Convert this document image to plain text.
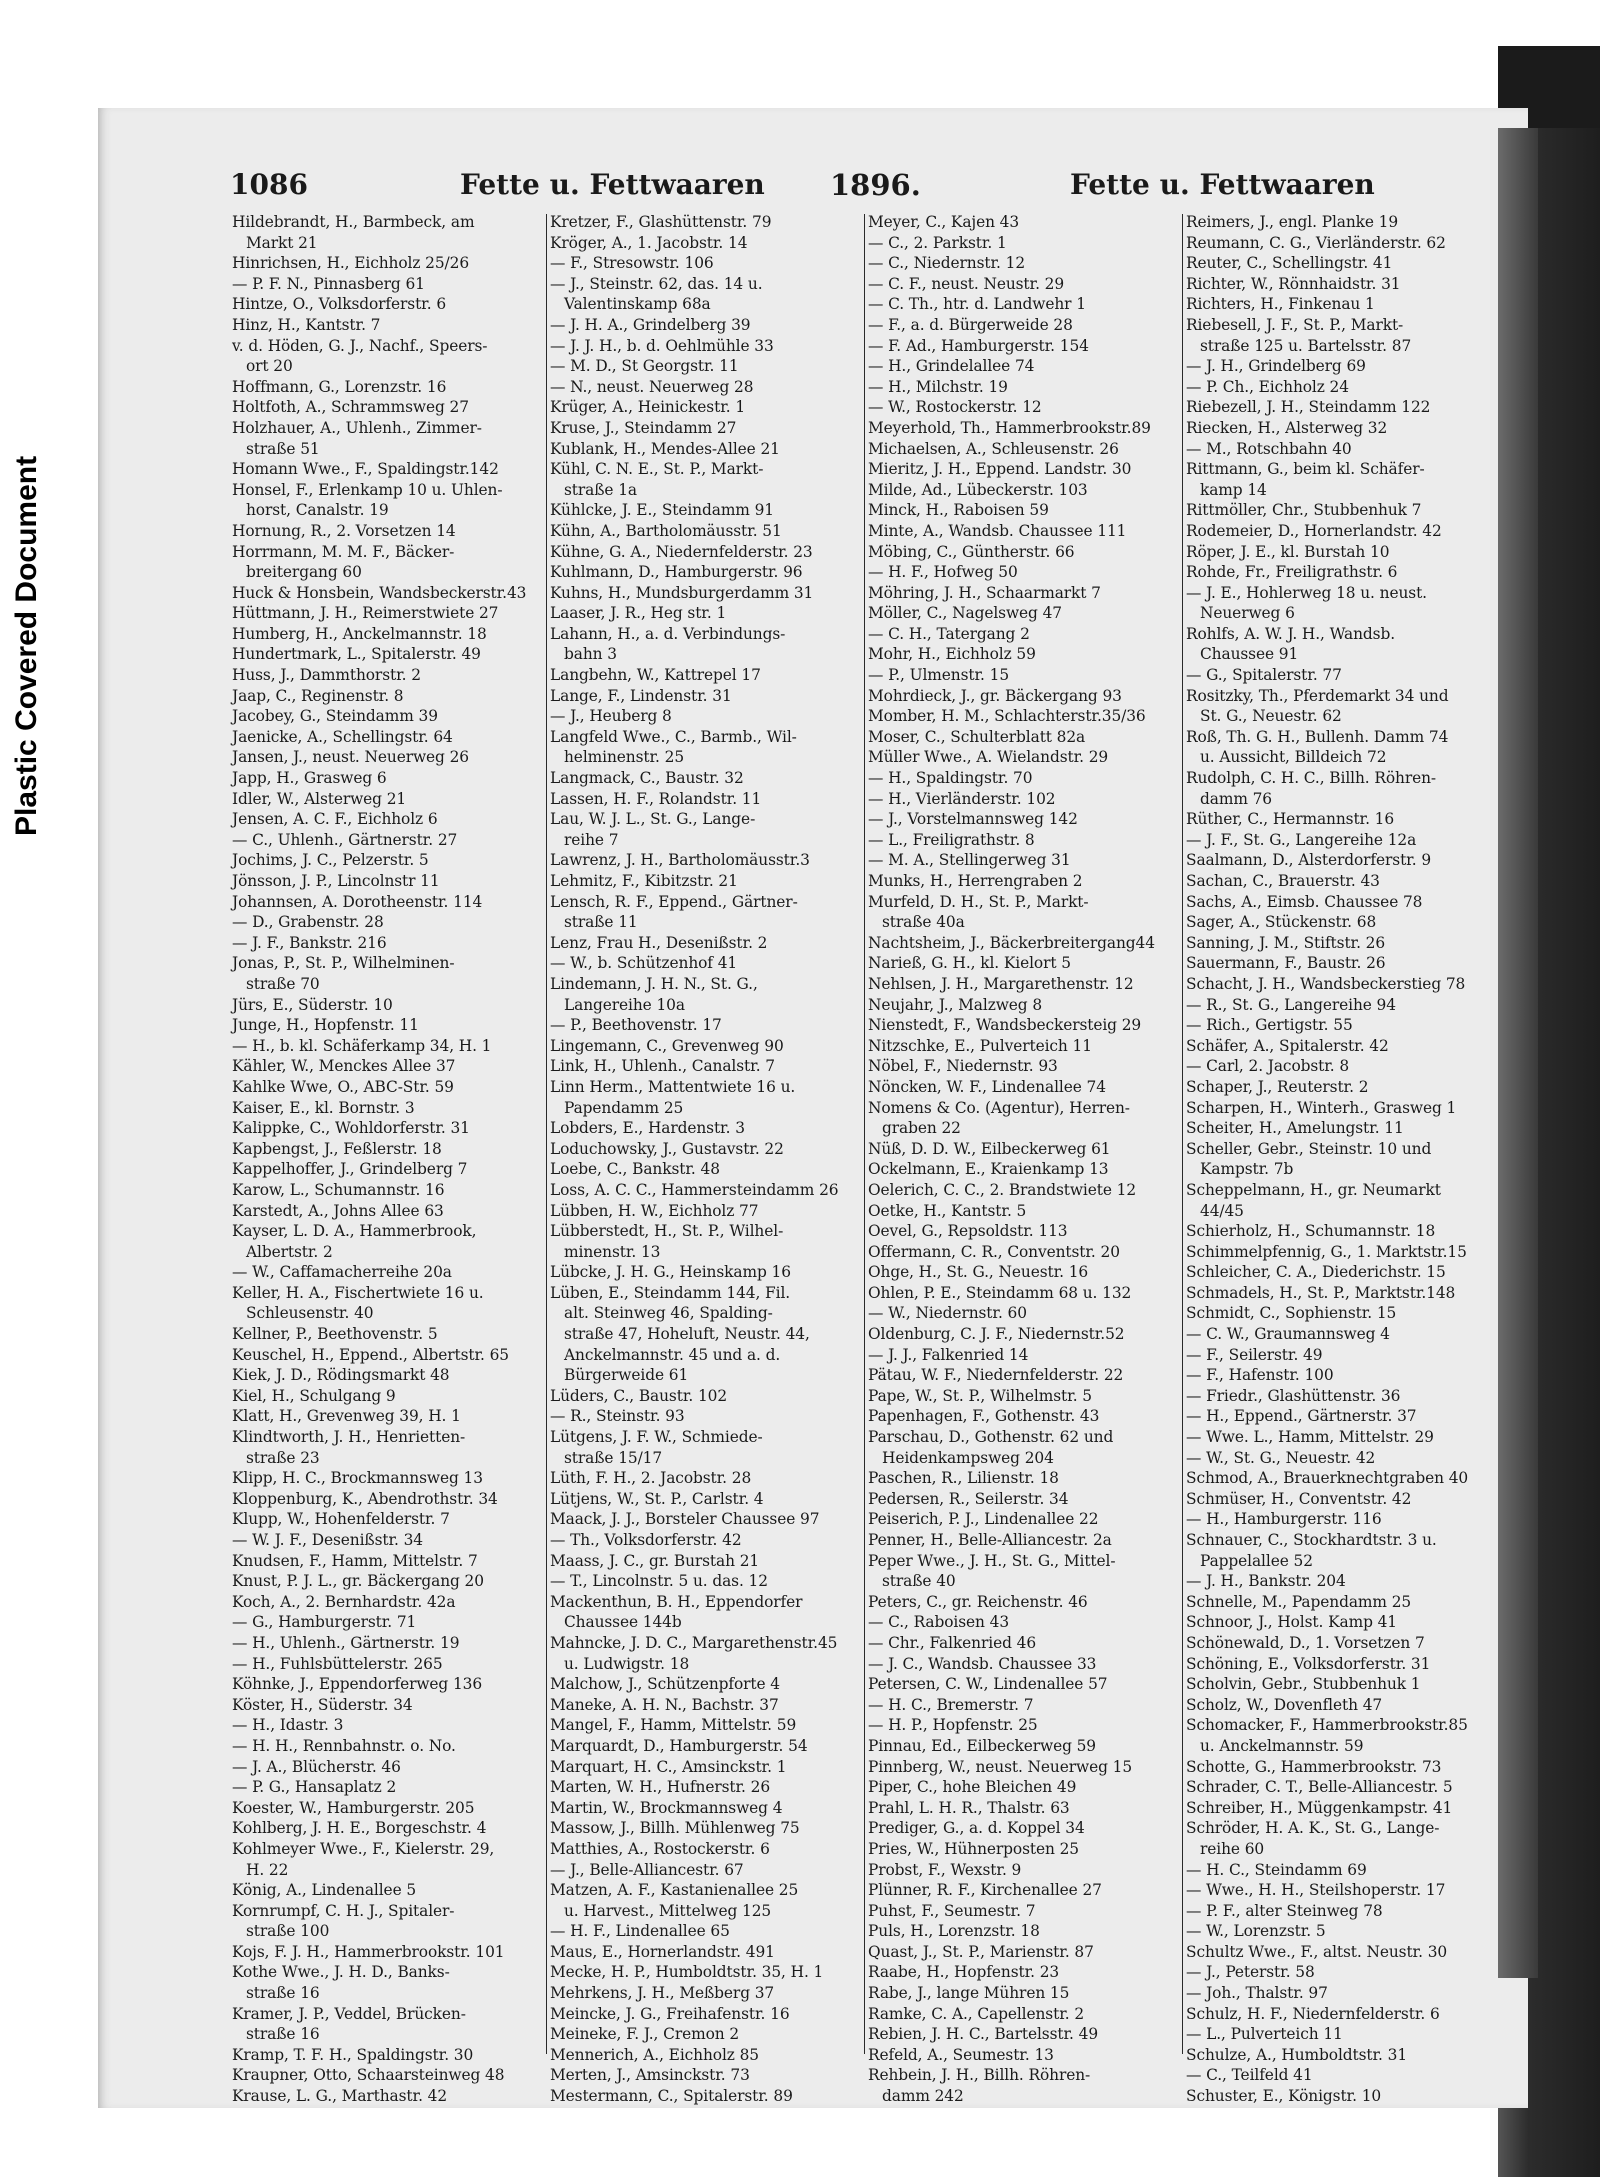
Plastic Covered Document
1086	Fette u. Fettwaaren 1896.	Fette u. Fettwaaren
Hildebrandt, H., Barmbeck, am
Markt 21
Hinrichsen, H., Eichholz 25/26
— P. F. N., Pinnasberg 61
Hintze, O., Volksdorferstr. 6
Hinz, H., Kantstr. 7
v. d. Höden, G. J., Nachf., Speers-
ort 20
Hoffmann, G., Lorenzstr. 16
Holtfoth, A., Schrammsweg 27
Holzhauer, A., Uhlenh., Zimmer-
straße 51
Homann Wwe., F., Spaldingstr.142
Honsel, F., Erlenkamp 10 u. Uhlen-
horst, Canalstr. 19
Hornung, R., 2. Vorsetzen 14
Horrmann, M. M. F., Bäcker-
breitergang 60
Huck & Honsbein, Wandsbeckerstr.43
Hüttmann, J. H., Reimerstwiete 27
Humberg, H., Anckelmannstr. 18
Hundertmark, L., Spitalerstr. 49
Huss, J., Dammthorstr. 2
Jaap, C., Reginenstr. 8
Jacobey, G., Steindamm 39
Jaenicke, A., Schellingstr. 64
Jansen, J., neust. Neuerweg 26
Japp, H., Grasweg 6
Idler, W., Alsterweg 21
Jensen, A. C. F., Eichholz 6
— C., Uhlenh., Gärtnerstr. 27
Jochims, J. C., Pelzerstr. 5
Jönsson, J. P., Lincolnstr 11
Johannsen, A. Dorotheenstr. 114
— D., Grabenstr. 28
— J. F., Bankstr. 216
Jonas, P., St. P., Wilhelminen-
straße 70
Jürs, E., Süderstr. 10
Junge, H., Hopfenstr. 11
— H., b. kl. Schäferkamp 34, H. 1
Kähler, W., Menckes Allee 37
Kahlke Wwe, O., ABC-Str. 59
Kaiser, E., kl. Bornstr. 3
Kalippke, C., Wohldorferstr. 31
Kapbengst, J., Feßlerstr. 18
Kappelhoffer, J., Grindelberg 7
Karow, L., Schumannstr. 16
Karstedt, A., Johns Allee 63
Kayser, L. D. A., Hammerbrook,
Albertstr. 2
— W., Caffamacherreihe 20a
Keller, H. A., Fischertwiete 16 u.
Schleusenstr. 40
Kellner, P., Beethovenstr. 5
Keuschel, H., Eppend., Albertstr. 65
Kiek, J. D., Rödingsmarkt 48
Kiel, H., Schulgang 9
Klatt, H., Grevenweg 39, H. 1
Klindtworth, J. H., Henrietten-
straße 23
Klipp, H. C., Brockmannsweg 13
Kloppenburg, K., Abendrothstr. 34
Klupp, W., Hohenfelderstr. 7
— W. J. F., Desenißstr. 34
Knudsen, F., Hamm, Mittelstr. 7
Knust, P. J. L., gr. Bäckergang 20
Koch, A., 2. Bernhardstr. 42a
— G., Hamburgerstr. 71
— H., Uhlenh., Gärtnerstr. 19
— H., Fuhlsbüttelerstr. 265
Köhnke, J., Eppendorferweg 136
Köster, H., Süderstr. 34
— H., Idastr. 3
— H. H., Rennbahnstr. o. No.
— J. A., Blücherstr. 46
— P. G., Hansaplatz 2
Koester, W., Hamburgerstr. 205
Kohlberg, J. H. E., Borgeschstr. 4
Kohlmeyer Wwe., F., Kielerstr. 29,
H. 22
König, A., Lindenallee 5
Kornrumpf, C. H. J., Spitaler-
straße 100
Kojs, F. J. H., Hammerbrookstr. 101
Kothe Wwe., J. H. D., Banks-
straße 16
Kramer, J. P., Veddel, Brücken-
straße 16
Kramp, T. F. H., Spaldingstr. 30
Kraupner, Otto, Schaarsteinweg 48
Krause, L. G., Marthastr. 42
Kretzer, F., Glashüttenstr. 79
Kröger, A., 1. Jacobstr. 14
— F., Stresowstr. 106
— J., Steinstr. 62, das. 14 u.
Valentinskamp 68a
— J. H. A., Grindelberg 39
— J. J. H., b. d. Oehlmühle 33
— M. D., St Georgstr. 11
— N., neust. Neuerweg 28
Krüger, A., Heinickestr. 1
Kruse, J., Steindamm 27
Kublank, H., Mendes-Allee 21
Kühl, C. N. E., St. P., Markt-
straße 1a
Kühlcke, J. E., Steindamm 91
Kühn, A., Bartholomäusstr. 51
Kühne, G. A., Niedernfelderstr. 23
Kuhlmann, D., Hamburgerstr. 96
Kuhns, H., Mundsburgerdamm 31
Laaser, J. R., Heg str. 1
Lahann, H., a. d. Verbindungs-
bahn 3
Langbehn, W., Kattrepel 17
Lange, F., Lindenstr. 31
— J., Heuberg 8
Langfeld Wwe., C., Barmb., Wil-
helminenstr. 25
Langmack, C., Baustr. 32
Lassen, H. F., Rolandstr. 11
Lau, W. J. L., St. G., Lange-
reihe 7
Lawrenz, J. H., Bartholomäusstr.3
Lehmitz, F., Kibitzstr. 21
Lensch, R. F., Eppend., Gärtner-
straße 11
Lenz, Frau H., Desenißstr. 2
— W., b. Schützenhof 41
Lindemann, J. H. N., St. G.,
Langereihe 10a
— P., Beethovenstr. 17
Lingemann, C., Grevenweg 90
Link, H., Uhlenh., Canalstr. 7
Linn Herm., Mattentwiete 16 u.
Papendamm 25
Lobders, E., Hardenstr. 3
Loduchowsky, J., Gustavstr. 22
Loebe, C., Bankstr. 48
Loss, A. C. C., Hammersteindamm 26
Lübben, H. W., Eichholz 77
Lübberstedt, H., St. P., Wilhel-
minenstr. 13
Lübcke, J. H. G., Heinskamp 16
Lüben, E., Steindamm 144, Fil.
alt. Steinweg 46, Spalding-
straße 47, Hoheluft, Neustr. 44,
Anckelmannstr. 45 und a. d.
Bürgerweide 61
Lüders, C., Baustr. 102
— R., Steinstr. 93
Lütgens, J. F. W., Schmiede-
straße 15/17
Lüth, F. H., 2. Jacobstr. 28
Lütjens, W., St. P., Carlstr. 4
Maack, J. J., Borsteler Chaussee 97
— Th., Volksdorferstr. 42
Maass, J. C., gr. Burstah 21
— T., Lincolnstr. 5 u. das. 12
Mackenthun, B. H., Eppendorfer
Chaussee 144b
Mahncke, J. D. C., Margarethenstr.45
u. Ludwigstr. 18
Malchow, J., Schützenpforte 4
Maneke, A. H. N., Bachstr. 37
Mangel, F., Hamm, Mittelstr. 59
Marquardt, D., Hamburgerstr. 54
Marquart, H. C., Amsinckstr. 1
Marten, W. H., Hufnerstr. 26
Martin, W., Brockmannsweg 4
Massow, J., Billh. Mühlenweg 75
Matthies, A., Rostockerstr. 6
— J., Belle-Alliancestr. 67
Matzen, A. F., Kastanienallee 25
u. Harvest., Mittelweg 125
— H. F., Lindenallee 65
Maus, E., Hornerlandstr. 491
Mecke, H. P., Humboldtstr. 35, H. 1
Mehrkens, J. H., Meßberg 37
Meincke, J. G., Freihafenstr. 16
Meineke, F. J., Cremon 2
Mennerich, A., Eichholz 85
Merten, J., Amsinckstr. 73
Mestermann, C., Spitalerstr. 89
Meyer, C., Kajen 43
— C., 2. Parkstr. 1
— C., Niedernstr. 12
— C. F., neust. Neustr. 29
— C. Th., htr. d. Landwehr 1
— F., a. d. Bürgerweide 28
— F. Ad., Hamburgerstr. 154
— H., Grindelallee 74
— H., Milchstr. 19
— W., Rostockerstr. 12
Meyerhold, Th., Hammerbrookstr.89
Michaelsen, A., Schleusenstr. 26
Mieritz, J. H., Eppend. Landstr. 30
Milde, Ad., Lübeckerstr. 103
Minck, H., Raboisen 59
Minte, A., Wandsb. Chaussee 111
Möbing, C., Güntherstr. 66
— H. F., Hofweg 50
Möhring, J. H., Schaarmarkt 7
Möller, C., Nagelsweg 47
— C. H., Tatergang 2
Mohr, H., Eichholz 59
— P., Ulmenstr. 15
Mohrdieck, J., gr. Bäckergang 93
Momber, H. M., Schlachterstr.35/36
Moser, C., Schulterblatt 82a
Müller Wwe., A. Wielandstr. 29
— H., Spaldingstr. 70
— H., Vierländerstr. 102
— J., Vorstelmannsweg 142
— L., Freiligrathstr. 8
— M. A., Stellingerweg 31
Munks, H., Herrengraben 2
Murfeld, D. H., St. P., Markt-
straße 40a
Nachtsheim, J., Bäckerbreitergang44
Narieß, G. H., kl. Kielort 5
Nehlsen, J. H., Margarethenstr. 12
Neujahr, J., Malzweg 8
Nienstedt, F., Wandsbeckersteig 29
Nitzschke, E., Pulverteich 11
Nöbel, F., Niedernstr. 93
Nöncken, W. F., Lindenallee 74
Nomens & Co. (Agentur), Herren-
graben 22
Nüß, D. D. W., Eilbeckerweg 61
Ockelmann, E., Kraienkamp 13
Oelerich, C. C., 2. Brandstwiete 12
Oetke, H., Kantstr. 5
Oevel, G., Repsoldstr. 113
Offermann, C. R., Conventstr. 20
Ohge, H., St. G., Neuestr. 16
Ohlen, P. E., Steindamm 68 u. 132
— W., Niedernstr. 60
Oldenburg, C. J. F., Niedernstr.52
— J. J., Falkenried 14
Pätau, W. F., Niedernfelderstr. 22
Pape, W., St. P., Wilhelmstr. 5
Papenhagen, F., Gothenstr. 43
Parschau, D., Gothenstr. 62 und
Heidenkampsweg 204
Paschen, R., Lilienstr. 18
Pedersen, R., Seilerstr. 34
Peiserich, P. J., Lindenallee 22
Penner, H., Belle-Alliancestr. 2a
Peper Wwe., J. H., St. G., Mittel-
straße 40
Peters, C., gr. Reichenstr. 46
— C., Raboisen 43
— Chr., Falkenried 46
— J. C., Wandsb. Chaussee 33
Petersen, C. W., Lindenallee 57
— H. C., Bremerstr. 7
— H. P., Hopfenstr. 25
Pinnau, Ed., Eilbeckerweg 59
Pinnberg, W., neust. Neuerweg 15
Piper, C., hohe Bleichen 49
Prahl, L. H. R., Thalstr. 63
Prediger, G., a. d. Koppel 34
Pries, W., Hühnerposten 25
Probst, F., Wexstr. 9
Plünner, R. F., Kirchenallee 27
Puhst, F., Seumestr. 7
Puls, H., Lorenzstr. 18
Quast, J., St. P., Marienstr. 87
Raabe, H., Hopfenstr. 23
Rabe, J., lange Mühren 15
Ramke, C. A., Capellenstr. 2
Rebien, J. H. C., Bartelsstr. 49
Refeld, A., Seumestr. 13
Rehbein, J. H., Billh. Röhren-
damm 242
Reimers, J., engl. Planke 19
Reumann, C. G., Vierländerstr. 62
Reuter, C., Schellingstr. 41
Richter, W., Rönnhaidstr. 31
Richters, H., Finkenau 1
Riebesell, J. F., St. P., Markt-
straße 125 u. Bartelsstr. 87
— J. H., Grindelberg 69
— P. Ch., Eichholz 24
Riebezell, J. H., Steindamm 122
Riecken, H., Alsterweg 32
— M., Rotschbahn 40
Rittmann, G., beim kl. Schäfer-
kamp 14
Rittmöller, Chr., Stubbenhuk 7
Rodemeier, D., Hornerlandstr. 42
Röper, J. E., kl. Burstah 10
Rohde, Fr., Freiligrathstr. 6
— J. E., Hohlerweg 18 u. neust.
Neuerweg 6
Rohlfs, A. W. J. H., Wandsb.
Chaussee 91
— G., Spitalerstr. 77
Rositzky, Th., Pferdemarkt 34 und
St. G., Neuestr. 62
Roß, Th. G. H., Bullenh. Damm 74
u. Aussicht, Billdeich 72
Rudolph, C. H. C., Billh. Röhren-
damm 76
Rüther, C., Hermannstr. 16
— J. F., St. G., Langereihe 12a
Saalmann, D., Alsterdorferstr. 9
Sachan, C., Brauerstr. 43
Sachs, A., Eimsb. Chaussee 78
Sager, A., Stückenstr. 68
Sanning, J. M., Stiftstr. 26
Sauermann, F., Baustr. 26
Schacht, J. H., Wandsbeckerstieg 78
— R., St. G., Langereihe 94
— Rich., Gertigstr. 55
Schäfer, A., Spitalerstr. 42
— Carl, 2. Jacobstr. 8
Schaper, J., Reuterstr. 2
Scharpen, H., Winterh., Grasweg 1
Scheiter, H., Amelungstr. 11
Scheller, Gebr., Steinstr. 10 und
Kampstr. 7b
Scheppelmann, H., gr. Neumarkt
44/45
Schierholz, H., Schumannstr. 18
Schimmelpfennig, G., 1. Marktstr.15
Schleicher, C. A., Diederichstr. 15
Schmadels, H., St. P., Marktstr.148
Schmidt, C., Sophienstr. 15
— C. W., Graumannsweg 4
— F., Seilerstr. 49
— F., Hafenstr. 100
— Friedr., Glashüttenstr. 36
— H., Eppend., Gärtnerstr. 37
— Wwe. L., Hamm, Mittelstr. 29
— W., St. G., Neuestr. 42
Schmod, A., Brauerknechtgraben 40
Schmüser, H., Conventstr. 42
— H., Hamburgerstr. 116
Schnauer, C., Stockhardtstr. 3 u.
Pappelallee 52
— J. H., Bankstr. 204
Schnelle, M., Papendamm 25
Schnoor, J., Holst. Kamp 41
Schönewald, D., 1. Vorsetzen 7
Schöning, E., Volksdorferstr. 31
Scholvin, Gebr., Stubbenhuk 1
Scholz, W., Dovenfleth 47
Schomacker, F., Hammerbrookstr.85
u. Anckelmannstr. 59
Schotte, G., Hammerbrookstr. 73
Schrader, C. T., Belle-Alliancestr. 5
Schreiber, H., Müggenkampstr. 41
Schröder, H. A. K., St. G., Lange-
reihe 60
— H. C., Steindamm 69
— Wwe., H. H., Steilshoperstr. 17
— P. F., alter Steinweg 78
— W., Lorenzstr. 5
Schultz Wwe., F., altst. Neustr. 30
— J., Peterstr. 58
— Joh., Thalstr. 97
Schulz, H. F., Niedernfelderstr. 6
— L., Pulverteich 11
Schulze, A., Humboldtstr. 31
— C., Teilfeld 41
Schuster, E., Königstr. 10
